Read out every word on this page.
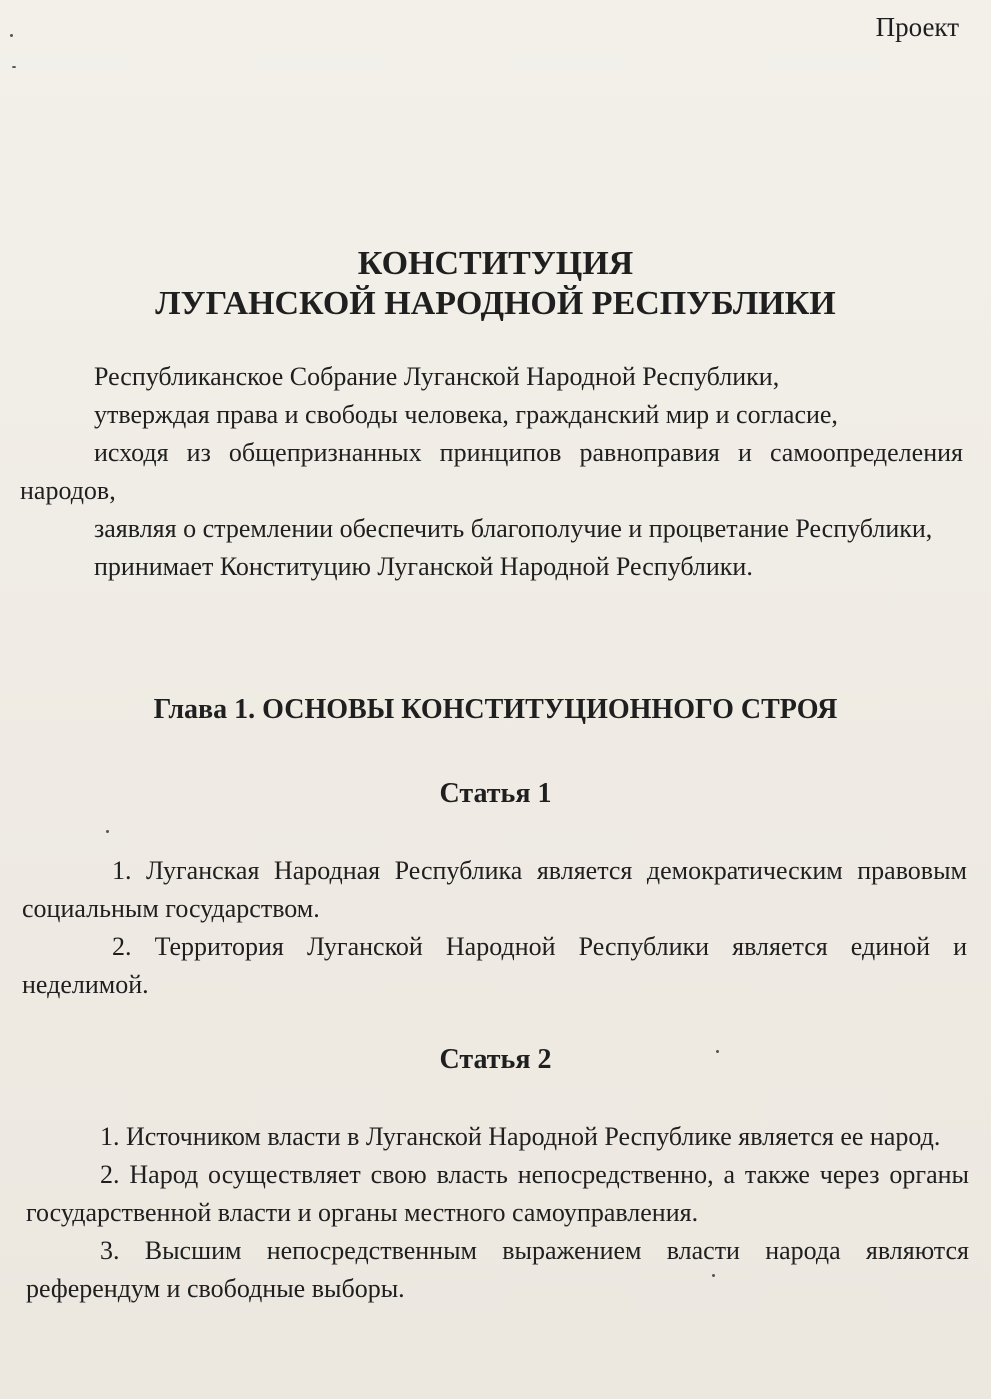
Проект
КОНСТИТУЦИЯ
ЛУГАНСКОЙ НАРОДНОЙ РЕСПУБЛИКИ

Республиканское Собрание Луганской Народной Республики,

утверждая права и свободы человека, гражданский мир и согласие,

исходя из общепризнанных принципов равноправия и самоопределения народов,

заявляя о стремлении обеспечить благополучие и процветание Республики,

принимает Конституцию Луганской Народной Республики.

Глава 1. ОСНОВЫ КОНСТИТУЦИОННОГО СТРОЯ
Статья 1

1. Луганская Народная Республика является демократическим правовым социальным государством.

2. Территория Луганской Народной Республики является единой и неделимой.

Статья 2

1. Источником власти в Луганской Народной Республике является ее народ.

2. Народ осуществляет свою власть непосредственно, а также через органы государственной власти и органы местного самоуправления.

3. Высшим непосредственным выражением власти народа являются референдум и свободные выборы.
